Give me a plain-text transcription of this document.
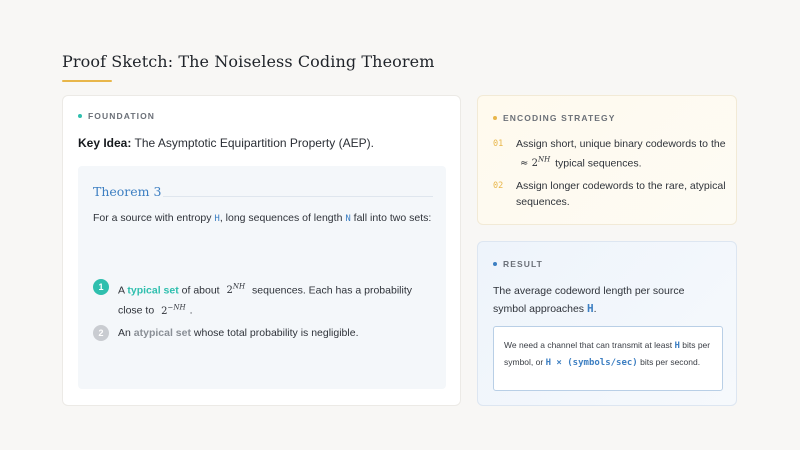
Proof Sketch: The Noiseless Coding Theorem
FOUNDATION
Key Idea: The Asymptotic Equipartition Property (AEP).
Theorem 3
For a source with entropy H, long sequences of length N fall into two sets:
1	A typical set of about $2^{NH}$ sequences. Each has a probability close to $2^{-NH}$ .
2	An atypical set whose total probability is negligible.
ENCODING STRATEGY
01 Assign short, unique binary codewords to the ≈ $2^{NH}$ typical sequences.
02 Assign longer codewords to the rare, atypical sequences.
RESULT
The average codeword length per source symbol approaches H.
We need a channel that can transmit at least H bits per symbol, or H × (symbols/sec) bits per second.
